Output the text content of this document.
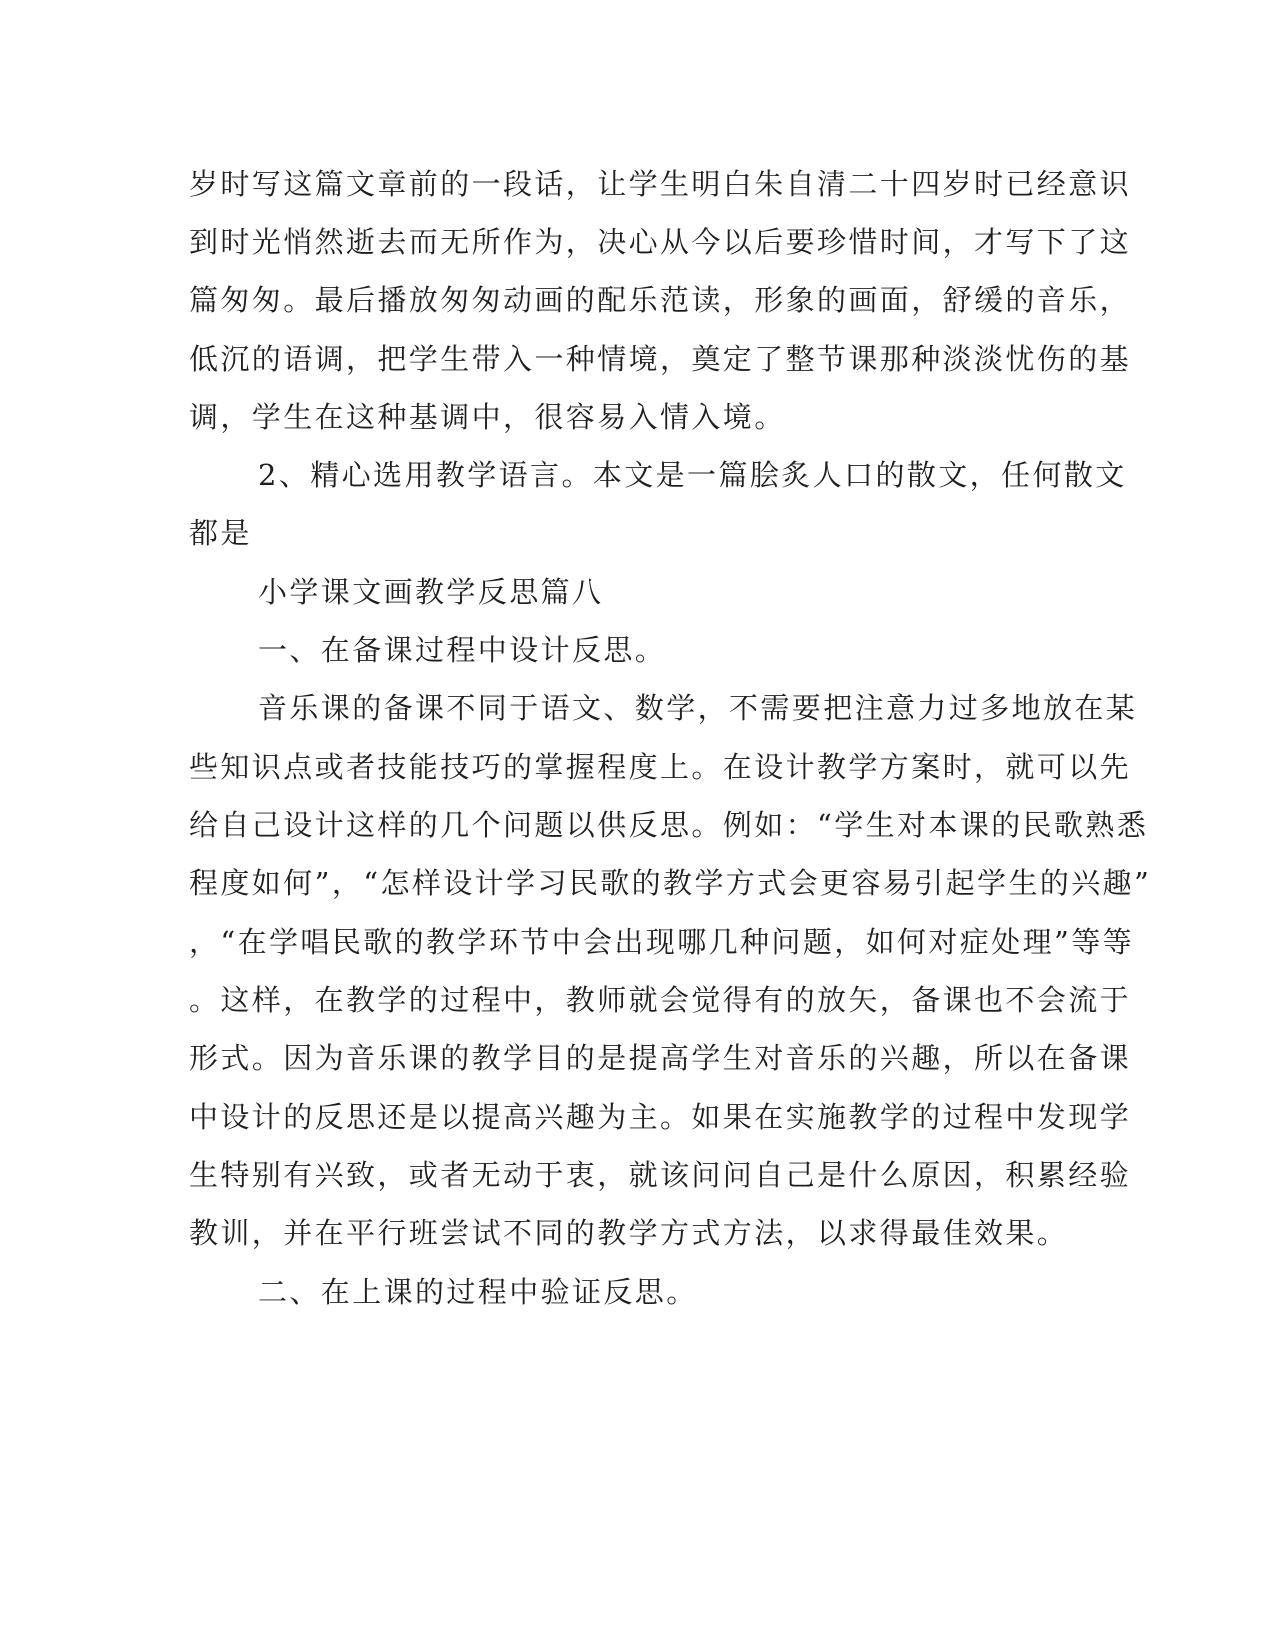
岁时写这篇文章前的一段话，让学生明白朱自清二十四岁时已经意识
到时光悄然逝去而无所作为，决心从今以后要珍惜时间，才写下了这
篇匆匆。最后播放匆匆动画的配乐范读，形象的画面，舒缓的音乐，
低沉的语调，把学生带入一种情境，奠定了整节课那种淡淡忧伤的基
调，学生在这种基调中，很容易入情入境。
2、精心选用教学语言。本文是一篇脍炙人口的散文，任何散文
都是
小学课文画教学反思篇八
一、在备课过程中设计反思。
音乐课的备课不同于语文、数学，不需要把注意力过多地放在某
些知识点或者技能技巧的掌握程度上。在设计教学方案时，就可以先
给自己设计这样的几个问题以供反思。例如：“学生对本课的民歌熟悉
程度如何”，“怎样设计学习民歌的教学方式会更容易引起学生的兴趣”
，“在学唱民歌的教学环节中会出现哪几种问题，如何对症处理”等等
。这样，在教学的过程中，教师就会觉得有的放矢，备课也不会流于
形式。因为音乐课的教学目的是提高学生对音乐的兴趣，所以在备课
中设计的反思还是以提高兴趣为主。如果在实施教学的过程中发现学
生特别有兴致，或者无动于衷，就该问问自己是什么原因，积累经验
教训，并在平行班尝试不同的教学方式方法，以求得最佳效果。
二、在上课的过程中验证反思。
